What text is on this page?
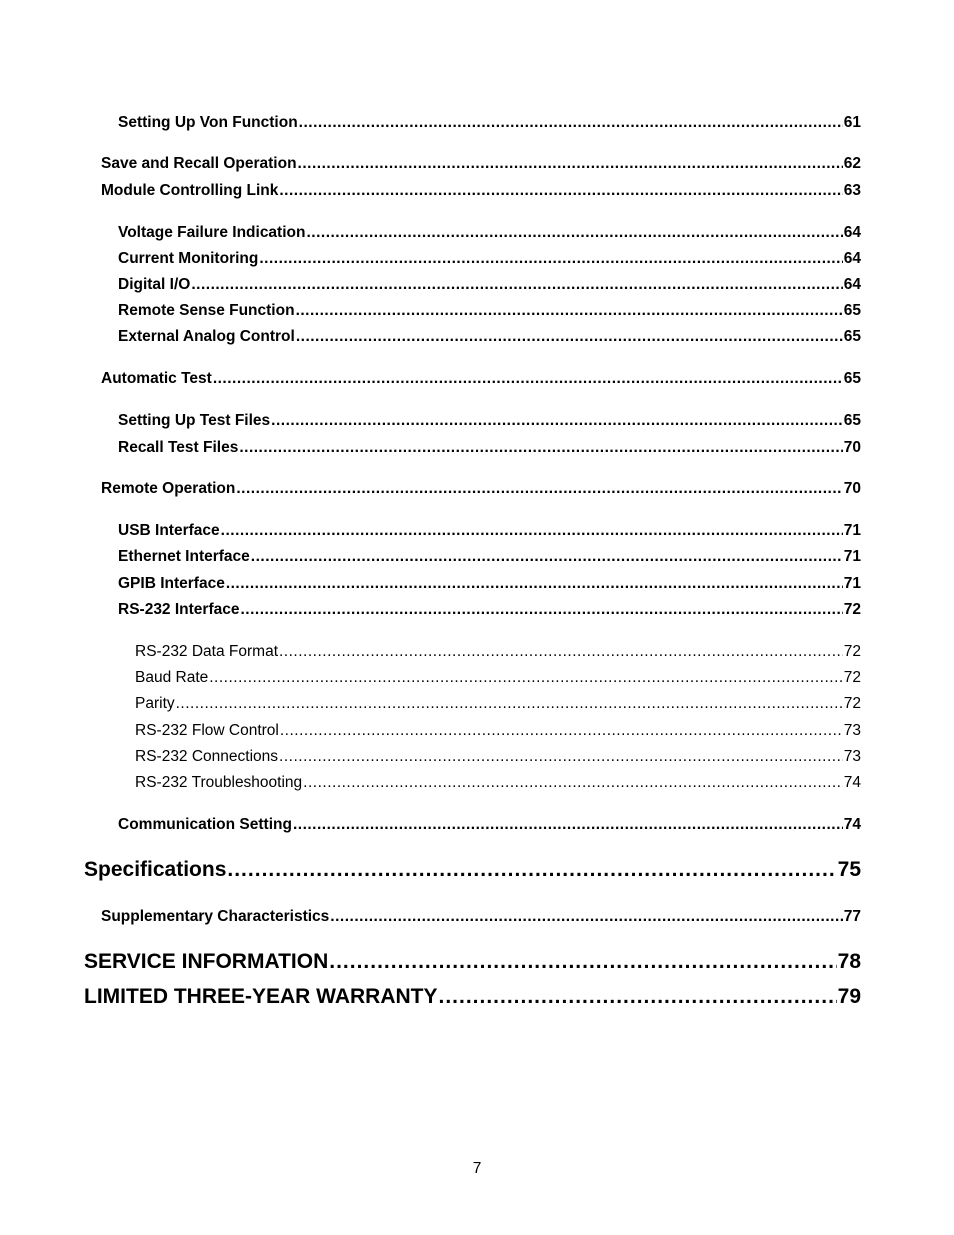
Setting Up Von Function .....	61
Save and Recall Operation .....	62
Module Controlling Link .....	63
Voltage Failure Indication .....	64
Current Monitoring .....	64
Digital I/O .....	64
Remote Sense Function .....	65
External Analog Control .....	65
Automatic Test .....	65
Setting Up Test Files .....	65
Recall Test Files .....	70
Remote Operation .....	70
USB Interface .....	71
Ethernet Interface .....	71
GPIB Interface .....	71
RS-232 Interface .....	72
RS-232 Data Format .....	72
Baud Rate .....	72
Parity .....	72
RS-232 Flow Control .....	73
RS-232 Connections .....	73
RS-232 Troubleshooting .....	74
Communication Setting .....	74
Specifications .....	75
Supplementary Characteristics .....	77
SERVICE INFORMATION .....	78
LIMITED THREE-YEAR WARRANTY .....	79
7
